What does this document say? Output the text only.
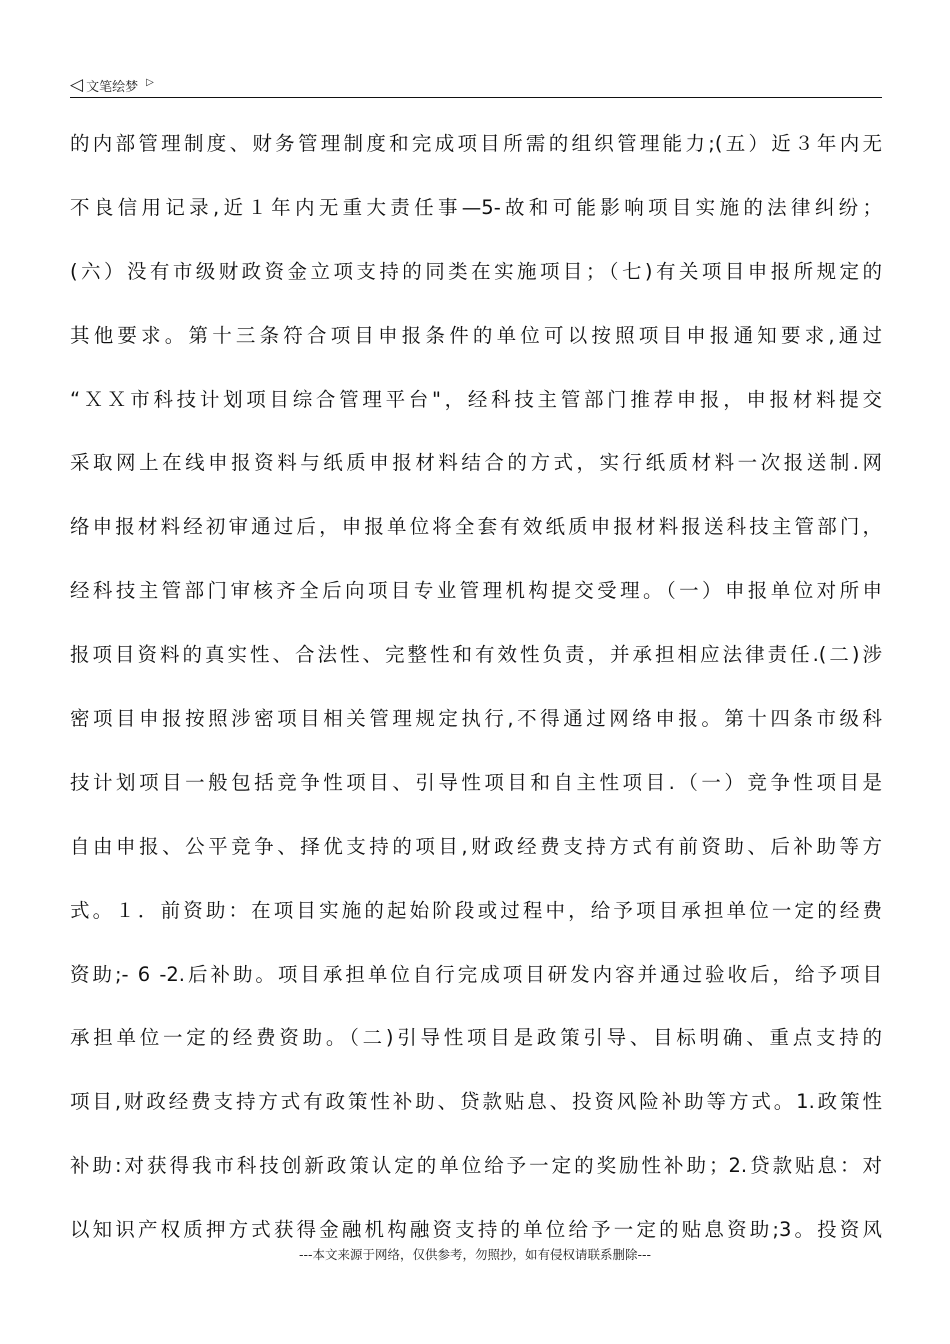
◁ 文笔绘梦 ▷
的内部管理制度、财务管理制度和完成项目所需的组织管理能力;(五）近３年内无
不良信用记录,近１年内无重大责任事—5-故和可能影响项目实施的法律纠纷；
(六）没有市级财政资金立项支持的同类在实施项目；（七)有关项目申报所规定的
其他要求。第十三条符合项目申报条件的单位可以按照项目申报通知要求,通过
“ＸＸ市科技计划项目综合管理平台"，经科技主管部门推荐申报，申报材料提交
采取网上在线申报资料与纸质申报材料结合的方式，实行纸质材料一次报送制.网
络申报材料经初审通过后，申报单位将全套有效纸质申报材料报送科技主管部门，
经科技主管部门审核齐全后向项目专业管理机构提交受理。（一）申报单位对所申
报项目资料的真实性、合法性、完整性和有效性负责，并承担相应法律责任.(二)涉
密项目申报按照涉密项目相关管理规定执行,不得通过网络申报。第十四条市级科
技计划项目一般包括竞争性项目、引导性项目和自主性项目.（一）竞争性项目是
自由申报、公平竞争、择优支持的项目,财政经费支持方式有前资助、后补助等方
式。１．前资助：在项目实施的起始阶段或过程中，给予项目承担单位一定的经费
资助;- 6 -2.后补助。项目承担单位自行完成项目研发内容并通过验收后，给予项目
承担单位一定的经费资助。（二)引导性项目是政策引导、目标明确、重点支持的
项目,财政经费支持方式有政策性补助、贷款贴息、投资风险补助等方式。1.政策性
补助:对获得我市科技创新政策认定的单位给予一定的奖励性补助；2.贷款贴息：对
以知识产权质押方式获得金融机构融资支持的单位给予一定的贴息资助;3。投资风
---本文来源于网络，仅供参考，勿照抄，如有侵权请联系删除---
